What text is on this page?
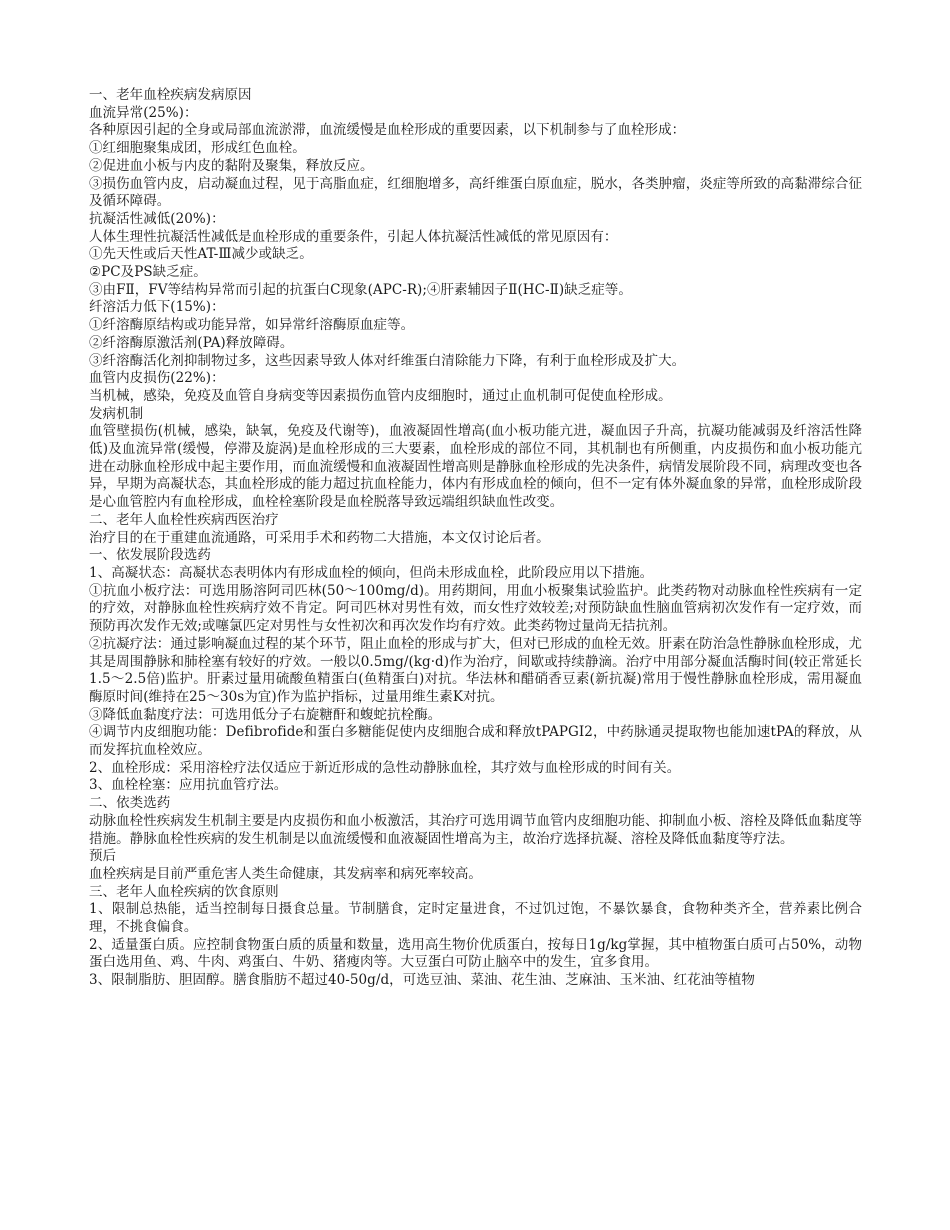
一、老年血栓疾病发病原因

血流异常(25%)：

各种原因引起的全身或局部血流淤滞，血流缓慢是血栓形成的重要因素，以下机制参与了血栓形成：

①红细胞聚集成团，形成红色血栓。

②促进血小板与内皮的黏附及聚集，释放反应。

③损伤血管内皮，启动凝血过程，见于高脂血症，红细胞增多，高纤维蛋白原血症，脱水，各类肿瘤，炎症等所致的高黏滞综合征及循环障碍。

抗凝活性减低(20%)：

人体生理性抗凝活性减低是血栓形成的重要条件，引起人体抗凝活性减低的常见原因有：

①先天性或后天性AT-Ⅲ减少或缺乏。

②PC及PS缺乏症。

③由FⅡ，FⅤ等结构异常而引起的抗蛋白C现象(APC-R);④肝素辅因子Ⅱ(HC-Ⅱ)缺乏症等。

纤溶活力低下(15%)：

①纤溶酶原结构或功能异常，如异常纤溶酶原血症等。

②纤溶酶原激活剂(PA)释放障碍。

③纤溶酶活化剂抑制物过多，这些因素导致人体对纤维蛋白清除能力下降，有利于血栓形成及扩大。

血管内皮损伤(22%)：

当机械，感染，免疫及血管自身病变等因素损伤血管内皮细胞时，通过止血机制可促使血栓形成。

发病机制

血管壁损伤(机械，感染，缺氧，免疫及代谢等)，血液凝固性增高(血小板功能亢进，凝血因子升高，抗凝功能减弱及纤溶活性降低)及血流异常(缓慢，停滞及旋涡)是血栓形成的三大要素，血栓形成的部位不同，其机制也有所侧重，内皮损伤和血小板功能亢进在动脉血栓形成中起主要作用，而血流缓慢和血液凝固性增高则是静脉血栓形成的先决条件，病情发展阶段不同，病理改变也各异，早期为高凝状态，其血栓形成的能力超过抗血栓能力，体内有形成血栓的倾向，但不一定有体外凝血象的异常，血栓形成阶段是心血管腔内有血栓形成，血栓栓塞阶段是血栓脱落导致远端组织缺血性改变。

二、老年人血栓性疾病西医治疗

治疗目的在于重建血流通路，可采用手术和药物二大措施，本文仅讨论后者。

一、依发展阶段选药

1、高凝状态：高凝状态表明体内有形成血栓的倾向，但尚未形成血栓，此阶段应用以下措施。

①抗血小板疗法：可选用肠溶阿司匹林(50～100mg/d)。用药期间，用血小板聚集试验监护。此类药物对动脉血栓性疾病有一定的疗效，对静脉血栓性疾病疗效不肯定。阿司匹林对男性有效，而女性疗效较差;对预防缺血性脑血管病初次发作有一定疗效，而预防再次发作无效;或噻氯匹定对男性与女性初次和再次发作均有疗效。此类药物过量尚无拮抗剂。

②抗凝疗法：通过影响凝血过程的某个环节，阻止血栓的形成与扩大，但对已形成的血栓无效。肝素在防治急性静脉血栓形成，尤其是周围静脉和肺栓塞有较好的疗效。一般以0.5mg/(kg·d)作为治疗，间歇或持续静滴。治疗中用部分凝血活酶时间(较正常延长1.5～2.5倍)监护。肝素过量用硫酸鱼精蛋白(鱼精蛋白)对抗。华法林和醋硝香豆素(新抗凝)常用于慢性静脉血栓形成，需用凝血酶原时间(维持在25～30s为宜)作为监护指标，过量用维生素K对抗。

③降低血黏度疗法：可选用低分子右旋糖酐和蝮蛇抗栓酶。

④调节内皮细胞功能：Defibrofide和蛋白多糖能促使内皮细胞合成和释放tPAPGI2，中药脉通灵提取物也能加速tPA的释放，从而发挥抗血栓效应。

2、血栓形成：采用溶栓疗法仅适应于新近形成的急性动静脉血栓，其疗效与血栓形成的时间有关。

3、血栓栓塞：应用抗血管疗法。

二、依类选药

动脉血栓性疾病发生机制主要是内皮损伤和血小板激活，其治疗可选用调节血管内皮细胞功能、抑制血小板、溶栓及降低血黏度等措施。静脉血栓性疾病的发生机制是以血流缓慢和血液凝固性增高为主，故治疗选择抗凝、溶栓及降低血黏度等疗法。

预后

血栓疾病是目前严重危害人类生命健康，其发病率和病死率较高。

三、老年人血栓疾病的饮食原则

1、限制总热能，适当控制每日摄食总量。节制膳食，定时定量进食，不过饥过饱，不暴饮暴食，食物种类齐全，营养素比例合理，不挑食偏食。

2、适量蛋白质。应控制食物蛋白质的质量和数量，选用高生物价优质蛋白，按每日1g/kg掌握，其中植物蛋白质可占50%，动物蛋白选用鱼、鸡、牛肉、鸡蛋白、牛奶、猪瘦肉等。大豆蛋白可防止脑卒中的发生，宜多食用。

3、限制脂肪、胆固醇。膳食脂肪不超过40-50g/d，可选豆油、菜油、花生油、芝麻油、玉米油、红花油等植物
